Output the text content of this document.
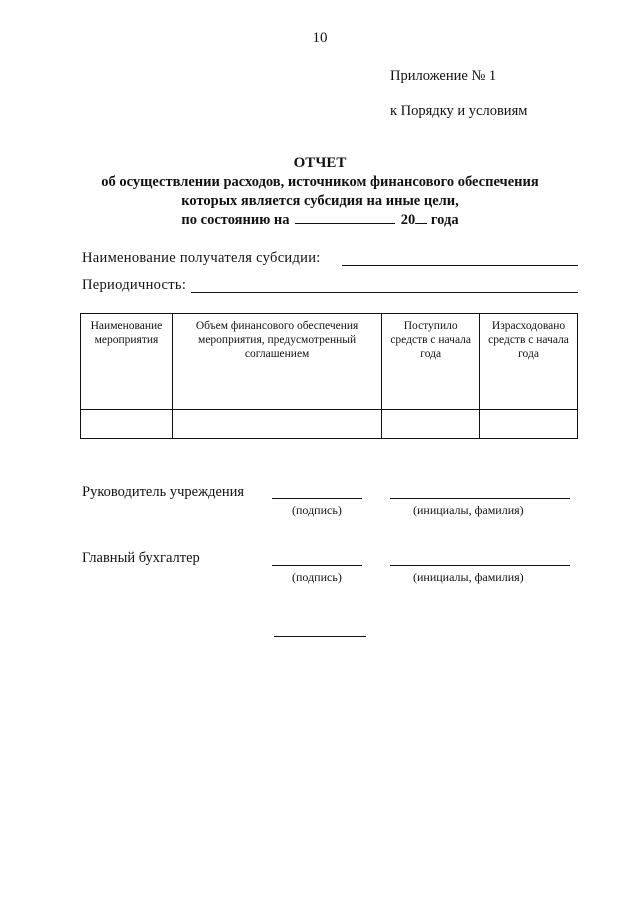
10
Приложение № 1
к Порядку и условиям
ОТЧЕТ
об осуществлении расходов, источником финансового обеспечения
которых является субсидия на иные цели,
по состоянию на	20 года
Наименование получателя субсидии:
Периодичность:
Наименование мероприятия	Объем финансового обеспечения мероприятия, предусмотренный соглашением	Поступило средств с начала года	Израсходовано средств с начала года

Руководитель учреждения
(подпись)	(инициалы, фамилия)
Главный бухгалтер
(подпись)	(инициалы, фамилия)
